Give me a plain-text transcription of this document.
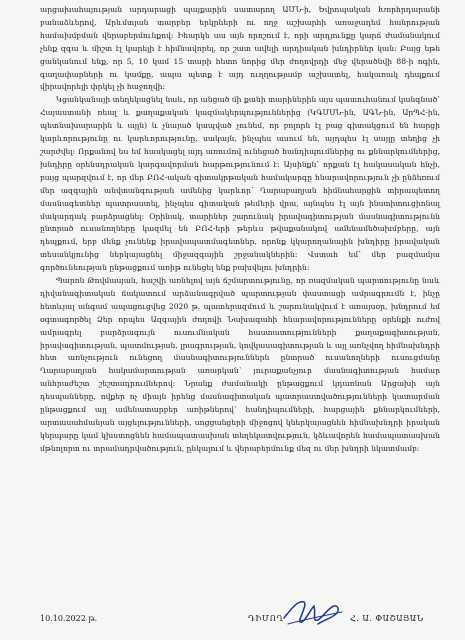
արցախահայության արդարացի պայքարին սատարող ԱՄՆ-ի, Եվրոպական Խորհրդարանի բանաձևերով, Արևմտյան տարբեր երկրների ու ողջ աշխարհի առաջադեմ հանրության համախմբման վերաբերմունքով: Իհարկե սա այն որոշում է, որի արդյունքը կարճ ժամանակում չենք զգա և միշտ էլ կարելի է հիմնավորել, որ շատ ավելի արդիական խնդիրներ կան: Բայց եթե ցանկանում ենք, որ 5, 10 կամ 15 տարի հետո նորից մեր ժողովրդի մեջ վերածնվի 88-ի ոգին, գաղափարների ու կամքը, ապա պետք է այդ ուղղությամբ աշխատել, հակառակ դեպքում վիրավորելի փրկել չի հաջողվի:

Կցանկանայի տեղեկացնել նաև, որ անցած մի քանի տարիներին այս պատուհանում կանգնած՝ Հայաստանի ռեալ և քաղաքական կազմակերպություններից (ԿԳՄՍՆ-ին, ԱԳՆ-ին, ԱրՊՀ-ին, պետնախարարին և այլն) և չնայած կապված չունեմ, որ բոլորն էլ բաց գիտակցում են հարցի կարևորությունը ու կարևորությունը, սակայն, ինչպես ասում են, այդպես էլ սայլը տեղից չի շարժվել: Որքանով ես եմ հասկացել այդ առումով ունեցած հանդիպումներից ու քննարկումներից, խնդիրը օրենսդրական կարգավորման հարթությունում է: Այսինքն՝ որքան էլ հակասական հնչի, բայց պարզվում է, որ մեր ԲՈՀ-ական գիտակրթական համակարգը հնարավորություն չի ընձեռում մեր ազգային անվտանգության ամենից կարևոր՝ Ղարաբաղյան հիմնահարցին տիրապետող մասնագետներ պատրաստել, ինչպես գիտական թեմերի վրա, այնպես էլ այն ինստիտուցիոնալ մակարդակ բարձրացնել: Օրինակ, տարիներ շարունակ իրավագիտության մասնագիտությունն ընտրած ուսանողները կազմել են ԲՈՀ-երի թերևս թվաքանակով ամենամեծախմբերը, այն դեպքում, երբ մենք չունենք իրավապատմագետներ, որոնք կկարողանային խնդիրը իրավական տեսանկյունից ներկայացնել միջազգային շրջանակներին: Վստահ եմ՝ մեր բազմամյա գործունեության ընթացքում առիթ ունեցել ենք բախվելու խնդրին:

Պարոն Թովմասյան, հաշվի առնելով այն ճշմարտությունը, որ ռազմական պարտությունը նաև դիվանագիտական ճակատում արձանագրված պարտության փաստացի ամրագրումն է, ինչը հետևյալ անգամ ապացուցվեց 2020 թ. պատերազմում և շարունակվում է առայսօր, խնդրում եմ օգտագործել Ձեր որպես Ազգային ժողովի Նախագահի հնարավորությունները օրենքի ուժով ամրագրել բարձրագույն ուսումնական հաստատությունների քաղաքագիտության, իրավագիտության, պատմության, լրագրության, կովկասագիտության և այլ առնչվող հիմնախնդրի հետ առնչություն ունեցող մասնագիտություններն ընտրած ուսանողների ուսուցմանը Ղարաբաղյան հակամարտության առարկան՝ յուրաքանչյուր մասնագիտության համար անհրաժեշտ շեշտադրումներով: Նրանք ժամանակի ընթացքում կդառնան Արցախի այն դեսպանները, ովքեր ոչ միայն իրենց մասնագիտական պատրաստվածությունների կատարման ընթացքում այլ ամենատարբեր առիթներով՝ հանդիպումների, հարցային քննարկումների, արտասահմանյան այցելությունների, սոցցանցերի միջոցով կներկայացնեն հիմնախնդրի իրական կերպարը կամ կխստոցնեն համապատասխան տեղեկատվություն, կձևավորեն համապատասխան մթնոլորտ ու տրամադրվածություն, ընկալում և վերաբերմունք մեզ ու մեր խնդրի նկատմամբ:

10.10.2022 թ.	ԴԻՄՈՂ՝	Հ. Ա. ՓԱՇԱՅԱՆ
